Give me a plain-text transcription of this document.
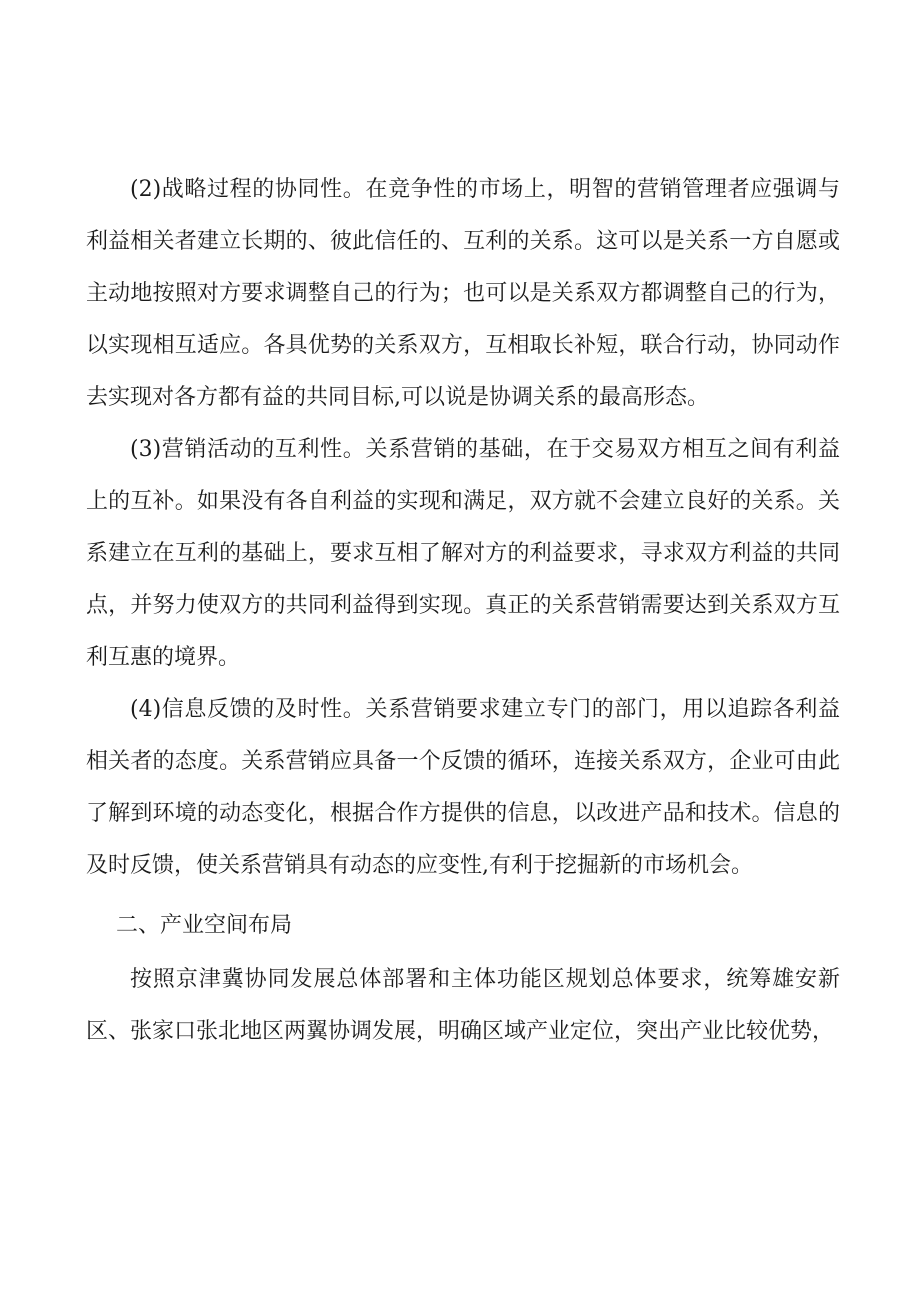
(2)战略过程的协同性。在竞争性的市场上，明智的营销管理者应强调与利益相关者建立长期的、彼此信任的、互利的关系。这可以是关系一方自愿或主动地按照对方要求调整自己的行为；也可以是关系双方都调整自己的行为，以实现相互适应。各具优势的关系双方，互相取长补短，联合行动，协同动作去实现对各方都有益的共同目标,可以说是协调关系的最高形态。

(3)营销活动的互利性。关系营销的基础，在于交易双方相互之间有利益上的互补。如果没有各自利益的实现和满足，双方就不会建立良好的关系。关系建立在互利的基础上，要求互相了解对方的利益要求，寻求双方利益的共同点，并努力使双方的共同利益得到实现。真正的关系营销需要达到关系双方互利互惠的境界。

(4)信息反馈的及时性。关系营销要求建立专门的部门，用以追踪各利益相关者的态度。关系营销应具备一个反馈的循环，连接关系双方，企业可由此了解到环境的动态变化，根据合作方提供的信息，以改进产品和技术。信息的及时反馈，使关系营销具有动态的应变性,有利于挖掘新的市场机会。

二、产业空间布局

按照京津冀协同发展总体部署和主体功能区规划总体要求，统筹雄安新区、张家口张北地区两翼协调发展，明确区域产业定位，突出产业比较优势，
